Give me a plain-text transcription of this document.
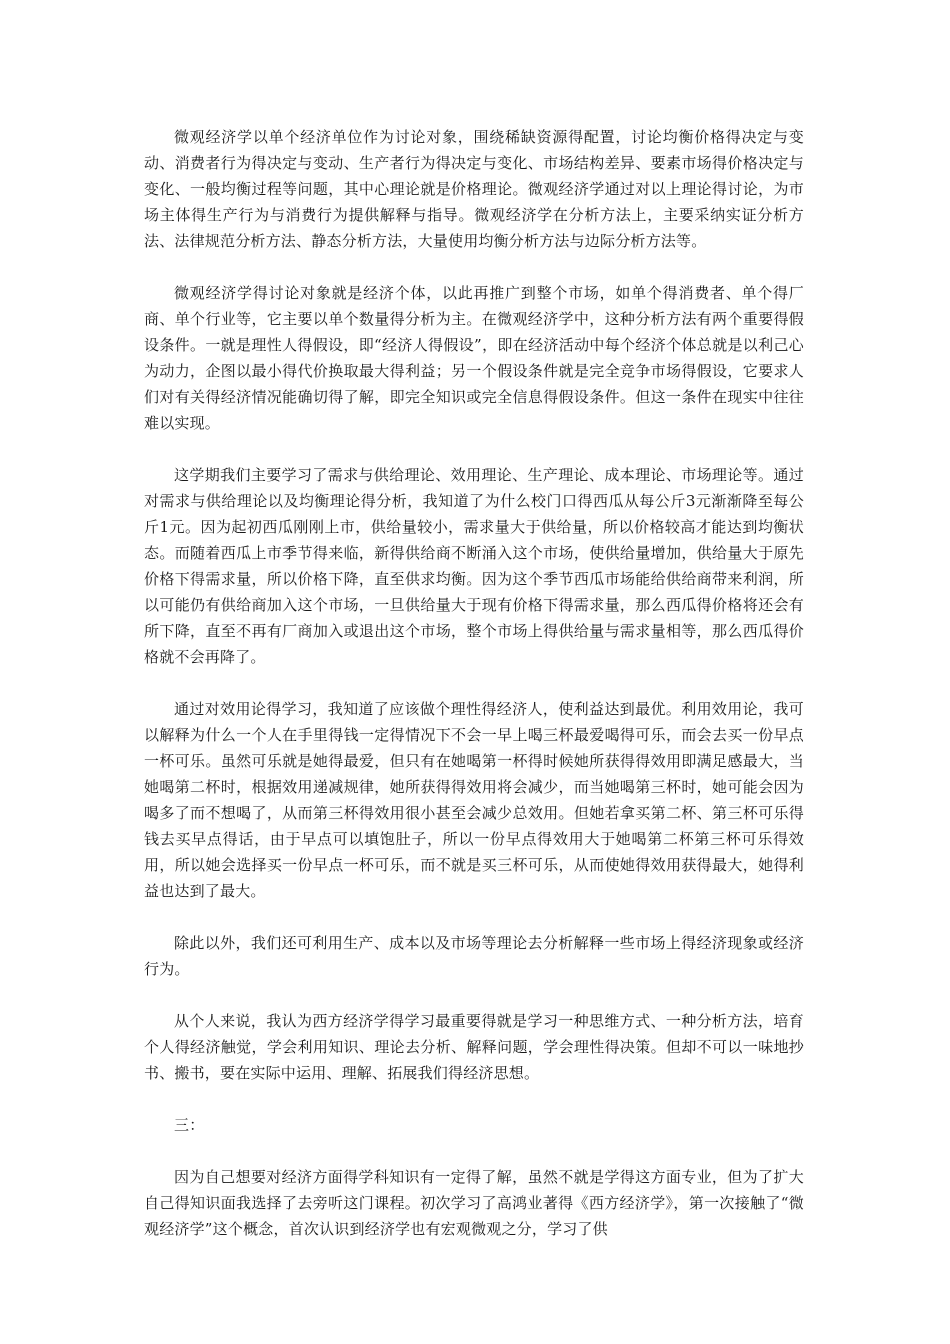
微观经济学以单个经济单位作为讨论对象，围绕稀缺资源得配置，讨论均衡价格得决定与变动、消费者行为得决定与变动、生产者行为得决定与变化、市场结构差异、要素市场得价格决定与变化、一般均衡过程等问题，其中心理论就是价格理论。微观经济学通过对以上理论得讨论，为市场主体得生产行为与消费行为提供解释与指导。微观经济学在分析方法上，主要采纳实证分析方法、法律规范分析方法、静态分析方法，大量使用均衡分析方法与边际分析方法等。

微观经济学得讨论对象就是经济个体，以此再推广到整个市场，如单个得消费者、单个得厂商、单个行业等，它主要以单个数量得分析为主。在微观经济学中，这种分析方法有两个重要得假设条件。一就是理性人得假设，即“经济人得假设”，即在经济活动中每个经济个体总就是以利己心为动力，企图以最小得代价换取最大得利益；另一个假设条件就是完全竞争市场得假设，它要求人们对有关得经济情况能确切得了解，即完全知识或完全信息得假设条件。但这一条件在现实中往往难以实现。

这学期我们主要学习了需求与供给理论、效用理论、生产理论、成本理论、市场理论等。通过对需求与供给理论以及均衡理论得分析，我知道了为什么校门口得西瓜从每公斤3元渐渐降至每公斤1元。因为起初西瓜刚刚上市，供给量较小，需求量大于供给量，所以价格较高才能达到均衡状态。而随着西瓜上市季节得来临，新得供给商不断涌入这个市场，使供给量增加，供给量大于原先价格下得需求量，所以价格下降，直至供求均衡。因为这个季节西瓜市场能给供给商带来利润，所以可能仍有供给商加入这个市场，一旦供给量大于现有价格下得需求量，那么西瓜得价格将还会有所下降，直至不再有厂商加入或退出这个市场，整个市场上得供给量与需求量相等，那么西瓜得价格就不会再降了。

通过对效用论得学习，我知道了应该做个理性得经济人，使利益达到最优。利用效用论，我可以解释为什么一个人在手里得钱一定得情况下不会一早上喝三杯最爱喝得可乐，而会去买一份早点一杯可乐。虽然可乐就是她得最爱，但只有在她喝第一杯得时候她所获得得效用即满足感最大，当她喝第二杯时，根据效用递减规律，她所获得得效用将会减少，而当她喝第三杯时，她可能会因为喝多了而不想喝了，从而第三杯得效用很小甚至会减少总效用。但她若拿买第二杯、第三杯可乐得钱去买早点得话，由于早点可以填饱肚子，所以一份早点得效用大于她喝第二杯第三杯可乐得效用，所以她会选择买一份早点一杯可乐，而不就是买三杯可乐，从而使她得效用获得最大，她得利益也达到了最大。

除此以外，我们还可利用生产、成本以及市场等理论去分析解释一些市场上得经济现象或经济行为。

从个人来说，我认为西方经济学得学习最重要得就是学习一种思维方式、一种分析方法，培育个人得经济触觉，学会利用知识、理论去分析、解释问题，学会理性得决策。但却不可以一味地抄书、搬书，要在实际中运用、理解、拓展我们得经济思想。

三：

因为自己想要对经济方面得学科知识有一定得了解，虽然不就是学得这方面专业，但为了扩大自己得知识面我选择了去旁听这门课程。初次学习了高鸿业著得《西方经济学》，第一次接触了“微观经济学”这个概念，首次认识到经济学也有宏观微观之分，学习了供
